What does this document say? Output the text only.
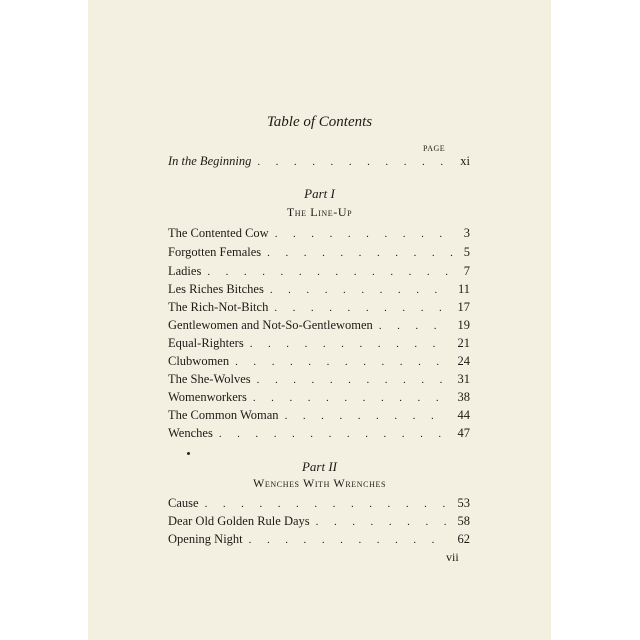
Table of Contents
PAGE
In the Beginning . . .	xi
Part I
The Line-Up
The Contented Cow . . .	3
Forgotten Females . . .	5
Ladies . . .	7
Les Riches Bitches . . .	11
The Rich-Not-Bitch . . .	17
Gentlewomen and Not-So-Gentlewomen . . .	19
Equal-Righters . . .	21
Clubwomen . . .	24
The She-Wolves . . .	31
Womenworkers . . .	38
The Common Woman . . .	44
Wenches . . .	47
Part II
Wenches With Wrenches
Cause . . .	53
Dear Old Golden Rule Days . . .	58
Opening Night . . .	62
vii
